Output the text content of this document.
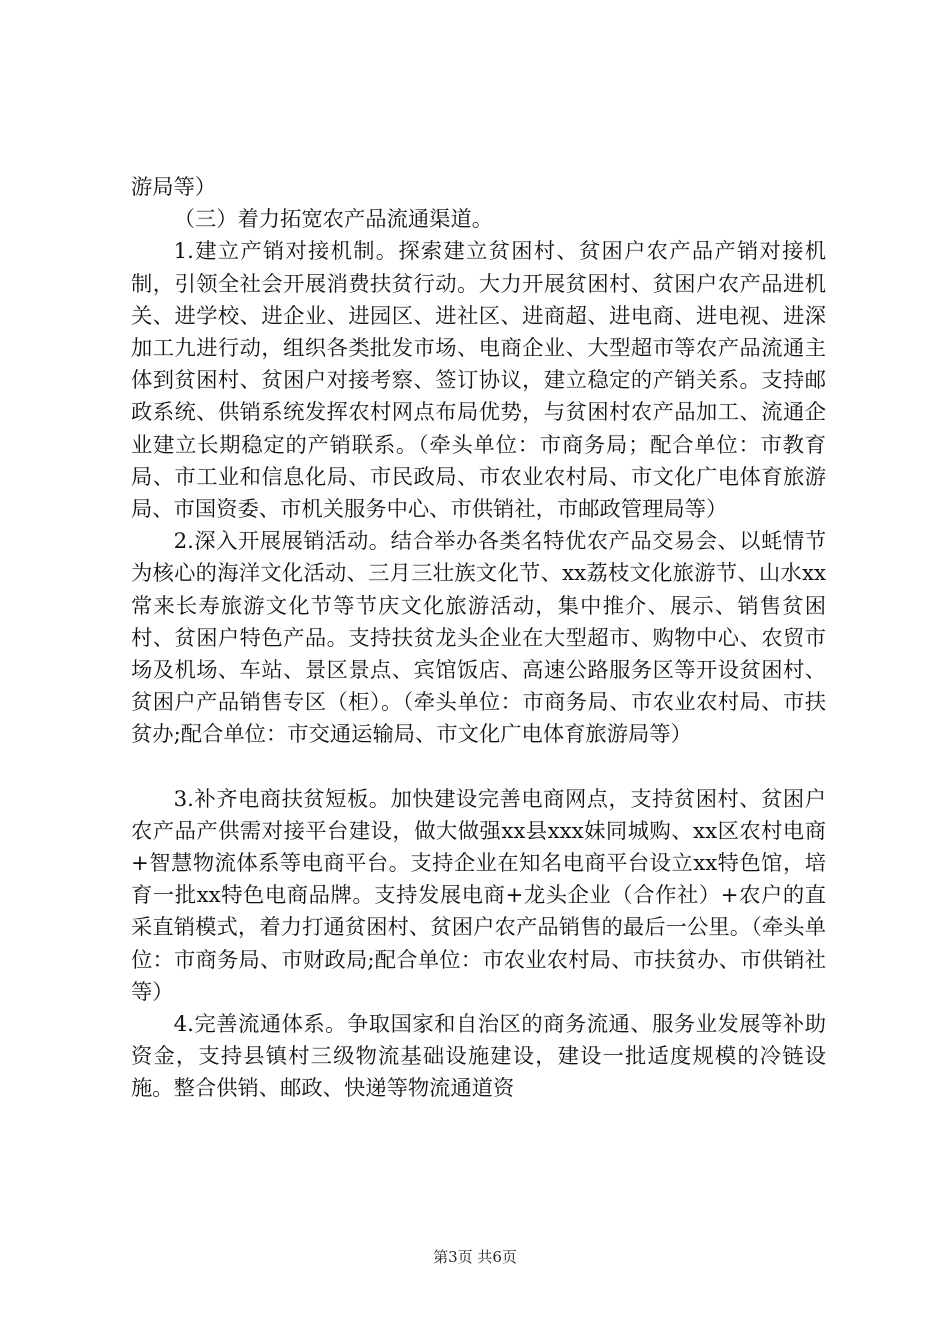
游局等）

（三）着力拓宽农产品流通渠道。

1.建立产销对接机制。探索建立贫困村、贫困户农产品产销对接机制，引领全社会开展消费扶贫行动。大力开展贫困村、贫困户农产品进机关、进学校、进企业、进园区、进社区、进商超、进电商、进电视、进深加工九进行动，组织各类批发市场、电商企业、大型超市等农产品流通主体到贫困村、贫困户对接考察、签订协议，建立稳定的产销关系。支持邮政系统、供销系统发挥农村网点布局优势，与贫困村农产品加工、流通企业建立长期稳定的产销联系。（牵头单位：市商务局；配合单位：市教育局、市工业和信息化局、市民政局、市农业农村局、市文化广电体育旅游局、市国资委、市机关服务中心、市供销社，市邮政管理局等）

2.深入开展展销活动。结合举办各类名特优农产品交易会、以蚝情节为核心的海洋文化活动、三月三壮族文化节、xx荔枝文化旅游节、山水xx常来长寿旅游文化节等节庆文化旅游活动，集中推介、展示、销售贫困村、贫困户特色产品。支持扶贫龙头企业在大型超市、购物中心、农贸市场及机场、车站、景区景点、宾馆饭店、高速公路服务区等开设贫困村、贫困户产品销售专区（柜）。（牵头单位：市商务局、市农业农村局、市扶贫办;配合单位：市交通运输局、市文化广电体育旅游局等）

3.补齐电商扶贫短板。加快建设完善电商网点，支持贫困村、贫困户农产品产供需对接平台建设，做大做强xx县xxx妹同城购、xx区农村电商+智慧物流体系等电商平台。支持企业在知名电商平台设立xx特色馆，培育一批xx特色电商品牌。支持发展电商+龙头企业（合作社）+农户的直采直销模式，着力打通贫困村、贫困户农产品销售的最后一公里。（牵头单位：市商务局、市财政局;配合单位：市农业农村局、市扶贫办、市供销社等）

4.完善流通体系。争取国家和自治区的商务流通、服务业发展等补助资金，支持县镇村三级物流基础设施建设，建设一批适度规模的冷链设施。整合供销、邮政、快递等物流通道资

第3页 共6页
